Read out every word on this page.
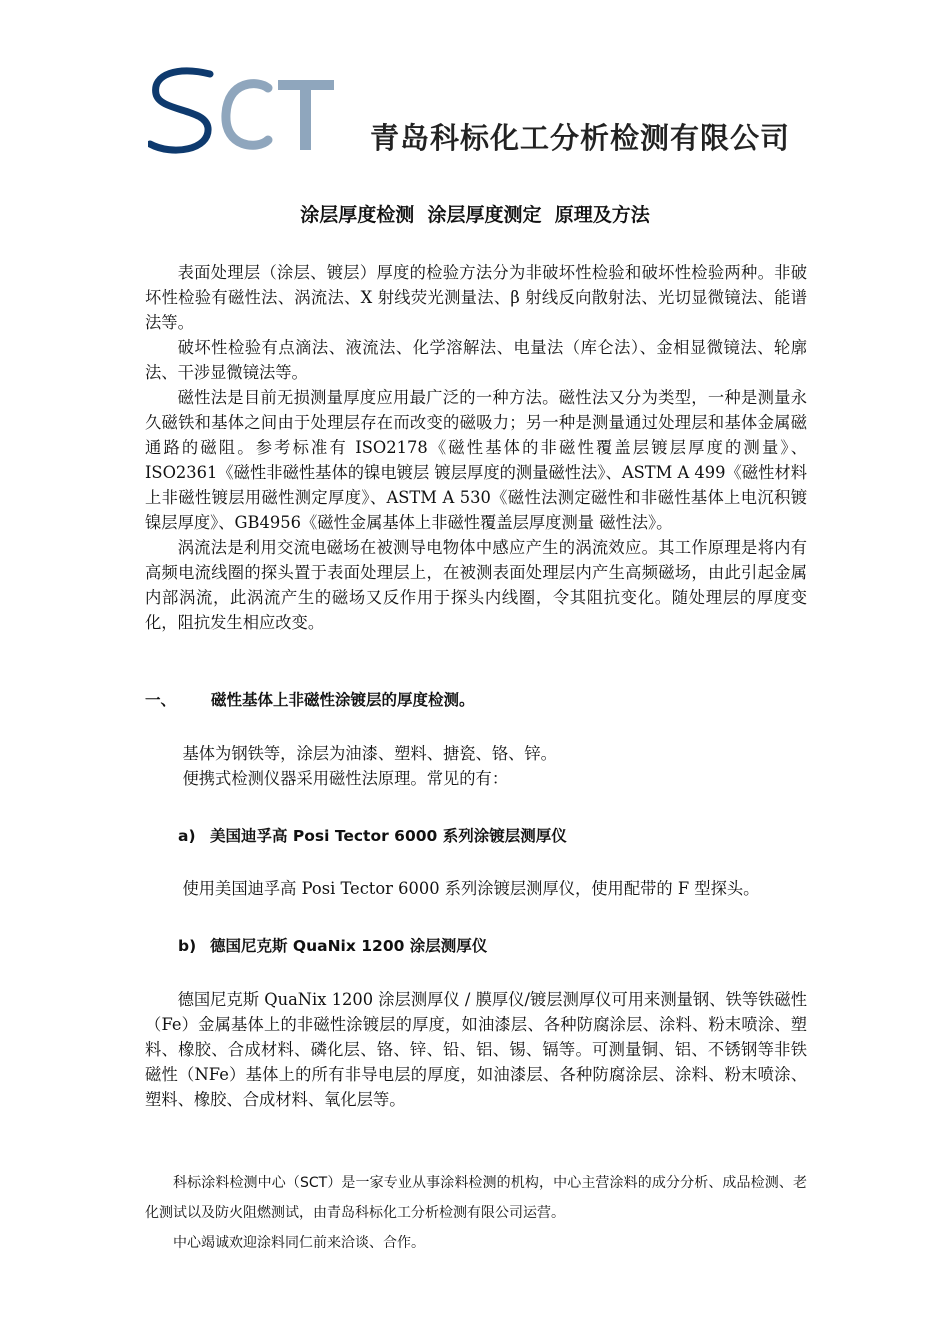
青岛科标化工分析检测有限公司
涂层厚度检测  涂层厚度测定  原理及方法

表面处理层（涂层、镀层）厚度的检验方法分为非破坏性检验和破坏性检验两种。非破坏性检验有磁性法、涡流法、X 射线荧光测量法、β 射线反向散射法、光切显微镜法、能谱法等。

破坏性检验有点滴法、液流法、化学溶解法、电量法（库仑法）、金相显微镜法、轮廓法、干涉显微镜法等。

磁性法是目前无损测量厚度应用最广泛的一种方法。磁性法又分为类型，一种是测量永久磁铁和基体之间由于处理层存在而改变的磁吸力；另一种是测量通过处理层和基体金属磁通路的磁阻。参考标准有 ISO2178《磁性基体的非磁性覆盖层镀层厚度的测量》、ISO2361《磁性非磁性基体的镍电镀层 镀层厚度的测量磁性法》、ASTM A 499《磁性材料上非磁性镀层用磁性测定厚度》、ASTM A 530《磁性法测定磁性和非磁性基体上电沉积镀镍层厚度》、GB4956《磁性金属基体上非磁性覆盖层厚度测量 磁性法》。

涡流法是利用交流电磁场在被测导电物体中感应产生的涡流效应。其工作原理是将内有高频电流线圈的探头置于表面处理层上，在被测表面处理层内产生高频磁场，由此引起金属内部涡流，此涡流产生的磁场又反作用于探头内线圈，令其阻抗变化。随处理层的厚度变化，阻抗发生相应改变。

一、 磁性基体上非磁性涂镀层的厚度检测。
基体为钢铁等，涂层为油漆、塑料、搪瓷、铬、锌。
便携式检测仪器采用磁性法原理。常见的有：
a) 美国迪孚高 Posi Tector 6000 系列涂镀层测厚仪
使用美国迪孚高 Posi Tector 6000 系列涂镀层测厚仪，使用配带的 F 型探头。
b) 德国尼克斯 QuaNix 1200 涂层测厚仪

德国尼克斯 QuaNix 1200 涂层测厚仪 / 膜厚仪/镀层测厚仪可用来测量钢、铁等铁磁性（Fe）金属基体上的非磁性涂镀层的厚度，如油漆层、各种防腐涂层、涂料、粉末喷涂、塑料、橡胶、合成材料、磷化层、铬、锌、铅、铝、锡、镉等。可测量铜、铝、不锈钢等非铁磁性（NFe）基体上的所有非导电层的厚度，如油漆层、各种防腐涂层、涂料、粉末喷涂、塑料、橡胶、合成材料、氧化层等。

科标涂料检测中心（SCT）是一家专业从事涂料检测的机构，中心主营涂料的成分分析、成品检测、老化测试以及防火阻燃测试，由青岛科标化工分析检测有限公司运营。

中心竭诚欢迎涂料同仁前来洽谈、合作。
